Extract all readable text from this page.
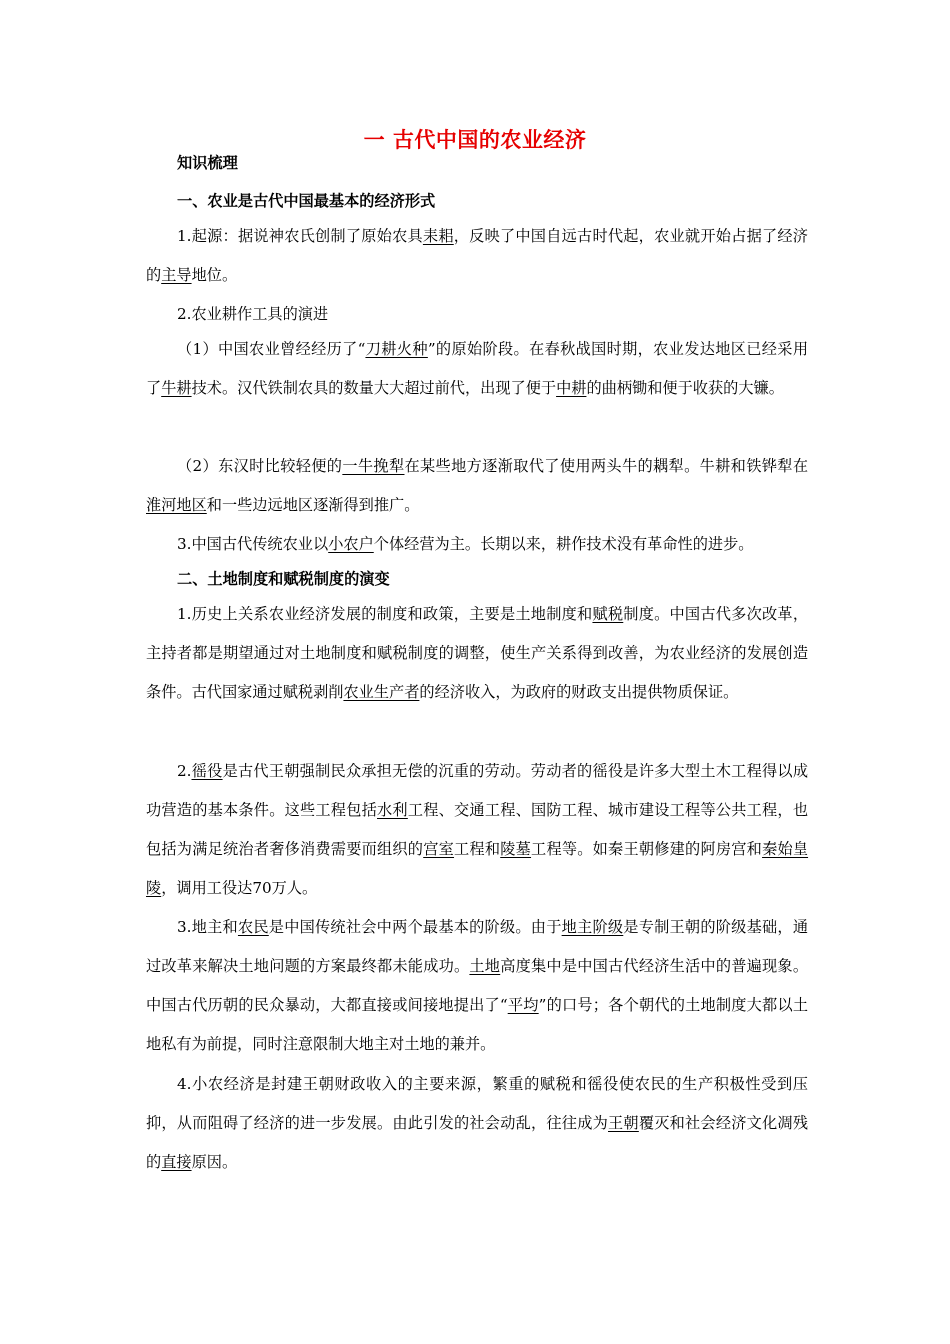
一 古代中国的农业经济
知识梳理
一、农业是古代中国最基本的经济形式
1.起源：据说神农氏创制了原始农具耒耜，反映了中国自远古时代起，农业就开始占据了经济的主导地位。
2.农业耕作工具的演进
（1）中国农业曾经经历了“刀耕火种”的原始阶段。在春秋战国时期，农业发达地区已经采用了牛耕技术。汉代铁制农具的数量大大超过前代，出现了便于中耕的曲柄锄和便于收获的大镰。
（2）东汉时比较轻便的一牛挽犁在某些地方逐渐取代了使用两头牛的耦犁。牛耕和铁铧犁在淮河地区和一些边远地区逐渐得到推广。
3.中国古代传统农业以小农户个体经营为主。长期以来，耕作技术没有革命性的进步。
二、土地制度和赋税制度的演变
1.历史上关系农业经济发展的制度和政策，主要是土地制度和赋税制度。中国古代多次改革，主持者都是期望通过对土地制度和赋税制度的调整，使生产关系得到改善，为农业经济的发展创造条件。古代国家通过赋税剥削农业生产者的经济收入，为政府的财政支出提供物质保证。
2.徭役是古代王朝强制民众承担无偿的沉重的劳动。劳动者的徭役是许多大型土木工程得以成功营造的基本条件。这些工程包括水利工程、交通工程、国防工程、城市建设工程等公共工程，也包括为满足统治者奢侈消费需要而组织的宫室工程和陵墓工程等。如秦王朝修建的阿房宫和秦始皇陵，调用工役达70万人。
3.地主和农民是中国传统社会中两个最基本的阶级。由于地主阶级是专制王朝的阶级基础，通过改革来解决土地问题的方案最终都未能成功。土地高度集中是中国古代经济生活中的普遍现象。中国古代历朝的民众暴动，大都直接或间接地提出了“平均”的口号；各个朝代的土地制度大都以土地私有为前提，同时注意限制大地主对土地的兼并。
4.小农经济是封建王朝财政收入的主要来源，繁重的赋税和徭役使农民的生产积极性受到压抑，从而阻碍了经济的进一步发展。由此引发的社会动乱，往往成为王朝覆灭和社会经济文化凋残的直接原因。
